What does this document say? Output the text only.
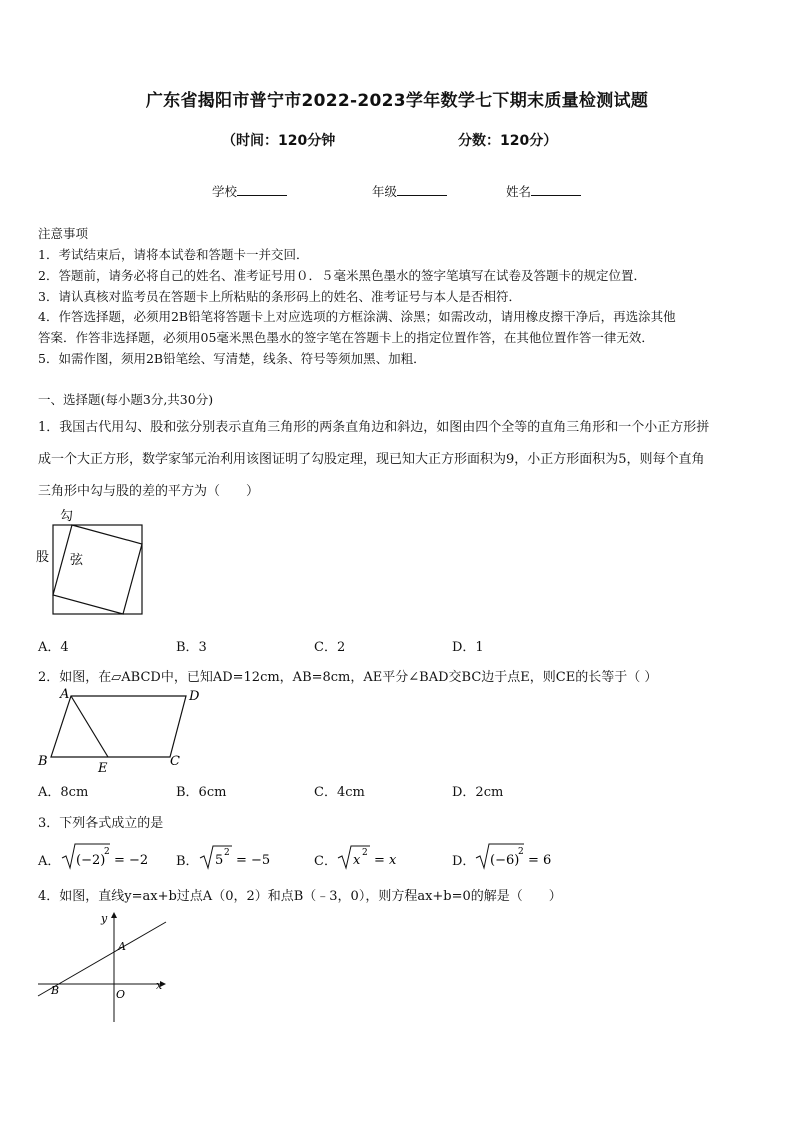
广东省揭阳市普宁市2022-2023学年数学七下期末质量检测试题
（时间：120分钟	分数：120分）
学校	年级	姓名
注意事项
1．考试结束后，请将本试卷和答题卡一并交回．
2．答题前，请务必将自己的姓名、准考证号用０．５毫米黑色墨水的签字笔填写在试卷及答题卡的规定位置．
3．请认真核对监考员在答题卡上所粘贴的条形码上的姓名、准考证号与本人是否相符．
4．作答选择题，必须用2B铅笔将答题卡上对应选项的方框涂满、涂黑；如需改动，请用橡皮擦干净后，再选涂其他
答案．作答非选择题，必须用05毫米黑色墨水的签字笔在答题卡上的指定位置作答，在其他位置作答一律无效．
5．如需作图，须用2B铅笔绘、写清楚，线条、符号等须加黑、加粗．
一、选择题(每小题3分,共30分)
1．我国古代用勾、股和弦分别表示直角三角形的两条直角边和斜边，如图由四个全等的直角三角形和一个小正方形拼
成一个大正方形，数学家邹元治利用该图证明了勾股定理，现已知大正方形面积为9，小正方形面积为5，则每个直角
三角形中勾与股的差的平方为（　　）
勾
股 弦
A．4	B．3	C．2	D．1
2．如图，在▱ABCD中，已知AD=12cm，AB=8cm，AE平分∠BAD交BC边于点E，则CE的长等于（ ）
A	D
B	E	C
A．8cm	B．6cm	C．4cm	D．2cm
3．下列各式成立的是
A． (−2)
2
= −2 B． 5 2 = −5	C． x 2 = x	D． (−6)
2
= 6
4．如图，直线y=ax+b过点A（0，2）和点B（﹣3，0），则方程ax+b=0的解是（　　）
y
x
A
B	O
